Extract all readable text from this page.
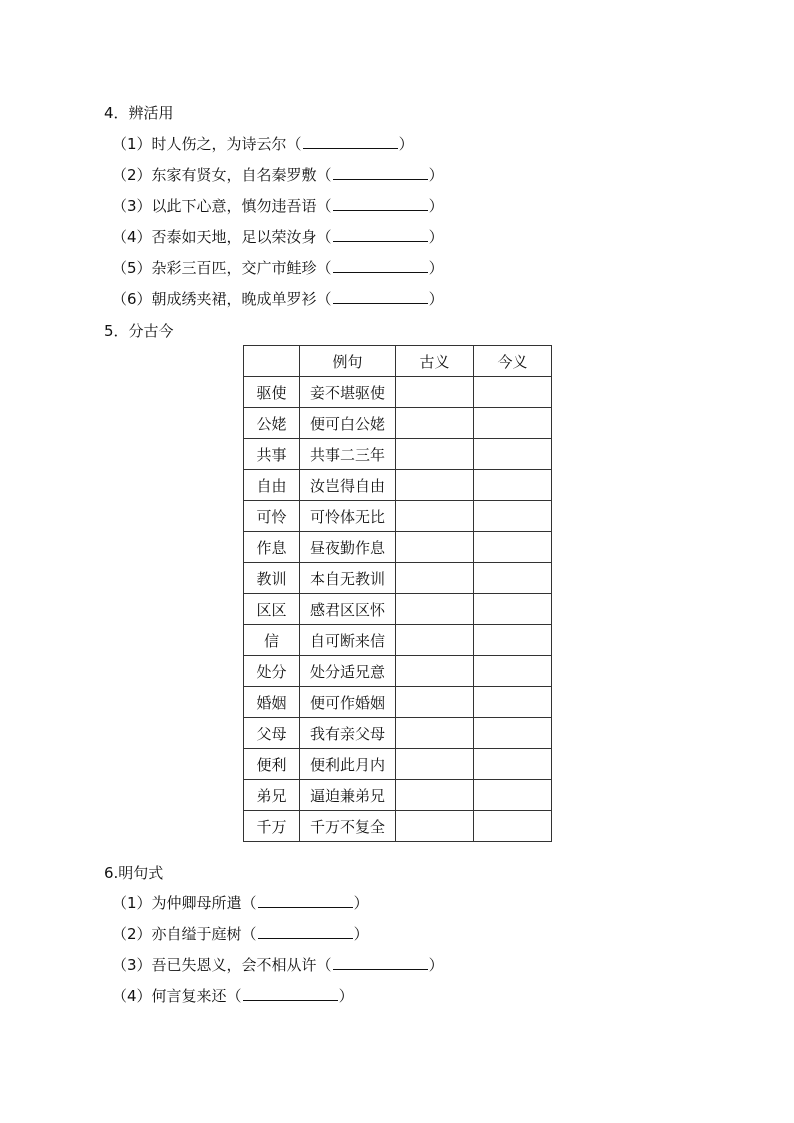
4．辨活用
（1）时人伤之，为诗云尔（	）
（2）东家有贤女，自名秦罗敷（	）
（3）以此下心意，慎勿违吾语（	）
（4）否泰如天地，足以荣汝身（	）
（5）杂彩三百匹，交广市鲑珍（	）
（6）朝成绣夹裙，晚成单罗衫（	）
5．分古今
	例句	古义	今义
驱使	妾不堪驱使		
公姥	便可白公姥		
共事	共事二三年		
自由	汝岂得自由		
可怜	可怜体无比		
作息	昼夜勤作息		
教训	本自无教训		
区区	感君区区怀		
信	自可断来信		
处分	处分适兄意		
婚姻	便可作婚姻		
父母	我有亲父母		
便利	便利此月内		
弟兄	逼迫兼弟兄		
千万	千万不复全		
6.明句式
（1）为仲卿母所遣（	）
（2）亦自缢于庭树（	）
（3）吾已失恩义，会不相从许（	）
（4）何言复来还（	）
